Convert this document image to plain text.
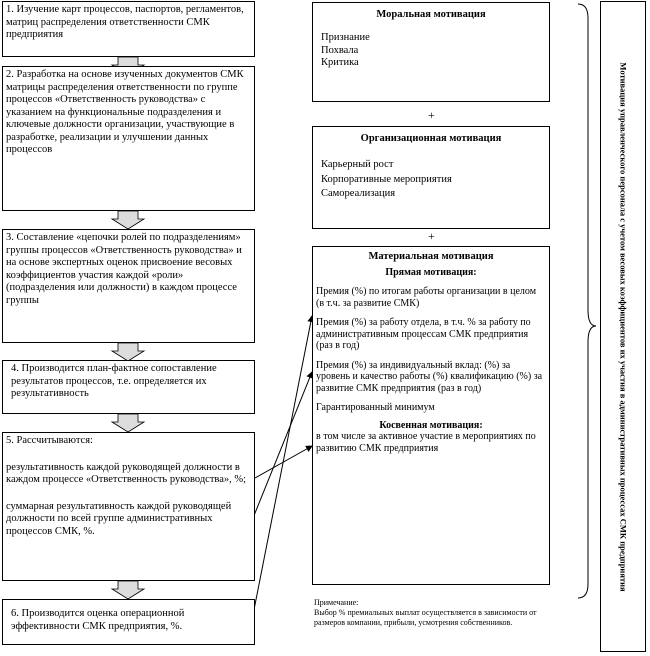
1. Изучение карт процессов, паспортов, регламентов, матриц распределения ответственности СМК предприятия
2. Разработка на основе изученных документов СМК матрицы распределения ответственности по группе процессов «Ответственность руководства» с указанием на функциональные подразделения и ключевые должности организации, участвующие в разработке, реализации и улучшении данных процессов
3. Составление «цепочки ролей по подразделениям» группы процессов «Ответственность руководства» и на основе экспертных оценок присвоение весовых коэффициентов участия каждой «роли» (подразделения или должности) в каждом процессе группы
4. Производится план-фактное сопоставление результатов процессов, т.е. определяется их результативность
5. Рассчитываются:
результативность каждой руководящей должности в каждом процессе «Ответственность руководства», %;
суммарная результативность каждой руководящей должности по всей группе административных процессов СМК, %.
6. Производится оценка операционной эффективности СМК предприятия, %.
Моральная мотивация
Признание
Похвала
Критика
+
Организационная мотивация
Карьерный рост
Корпоративные мероприятия
Самореализация
+
Материальная мотивация
Прямая мотивация:
Премия (%) по итогам работы организации в целом (в т.ч. за развитие СМК)
Премия (%) за работу отдела, в т.ч. % за работу по административным процессам СМК предприятия (раз в год)
Премия (%) за индивидуальный вклад: (%) за уровень и качество работы (%) квалификацию (%) за развитие СМК предприятия (раз в год)
Гарантированный минимум
Косвенная мотивация:
в том числе за активное участие в мероприятиях по развитию СМК предприятия
Примечание:
Выбор % премиальных выплат осуществляется в зависимости от размеров компании, прибыли, усмотрения собственников.
Мотивация управленческого персонала с учетом весовых коэффициентов их участия в административных процессах СМК предприятия
